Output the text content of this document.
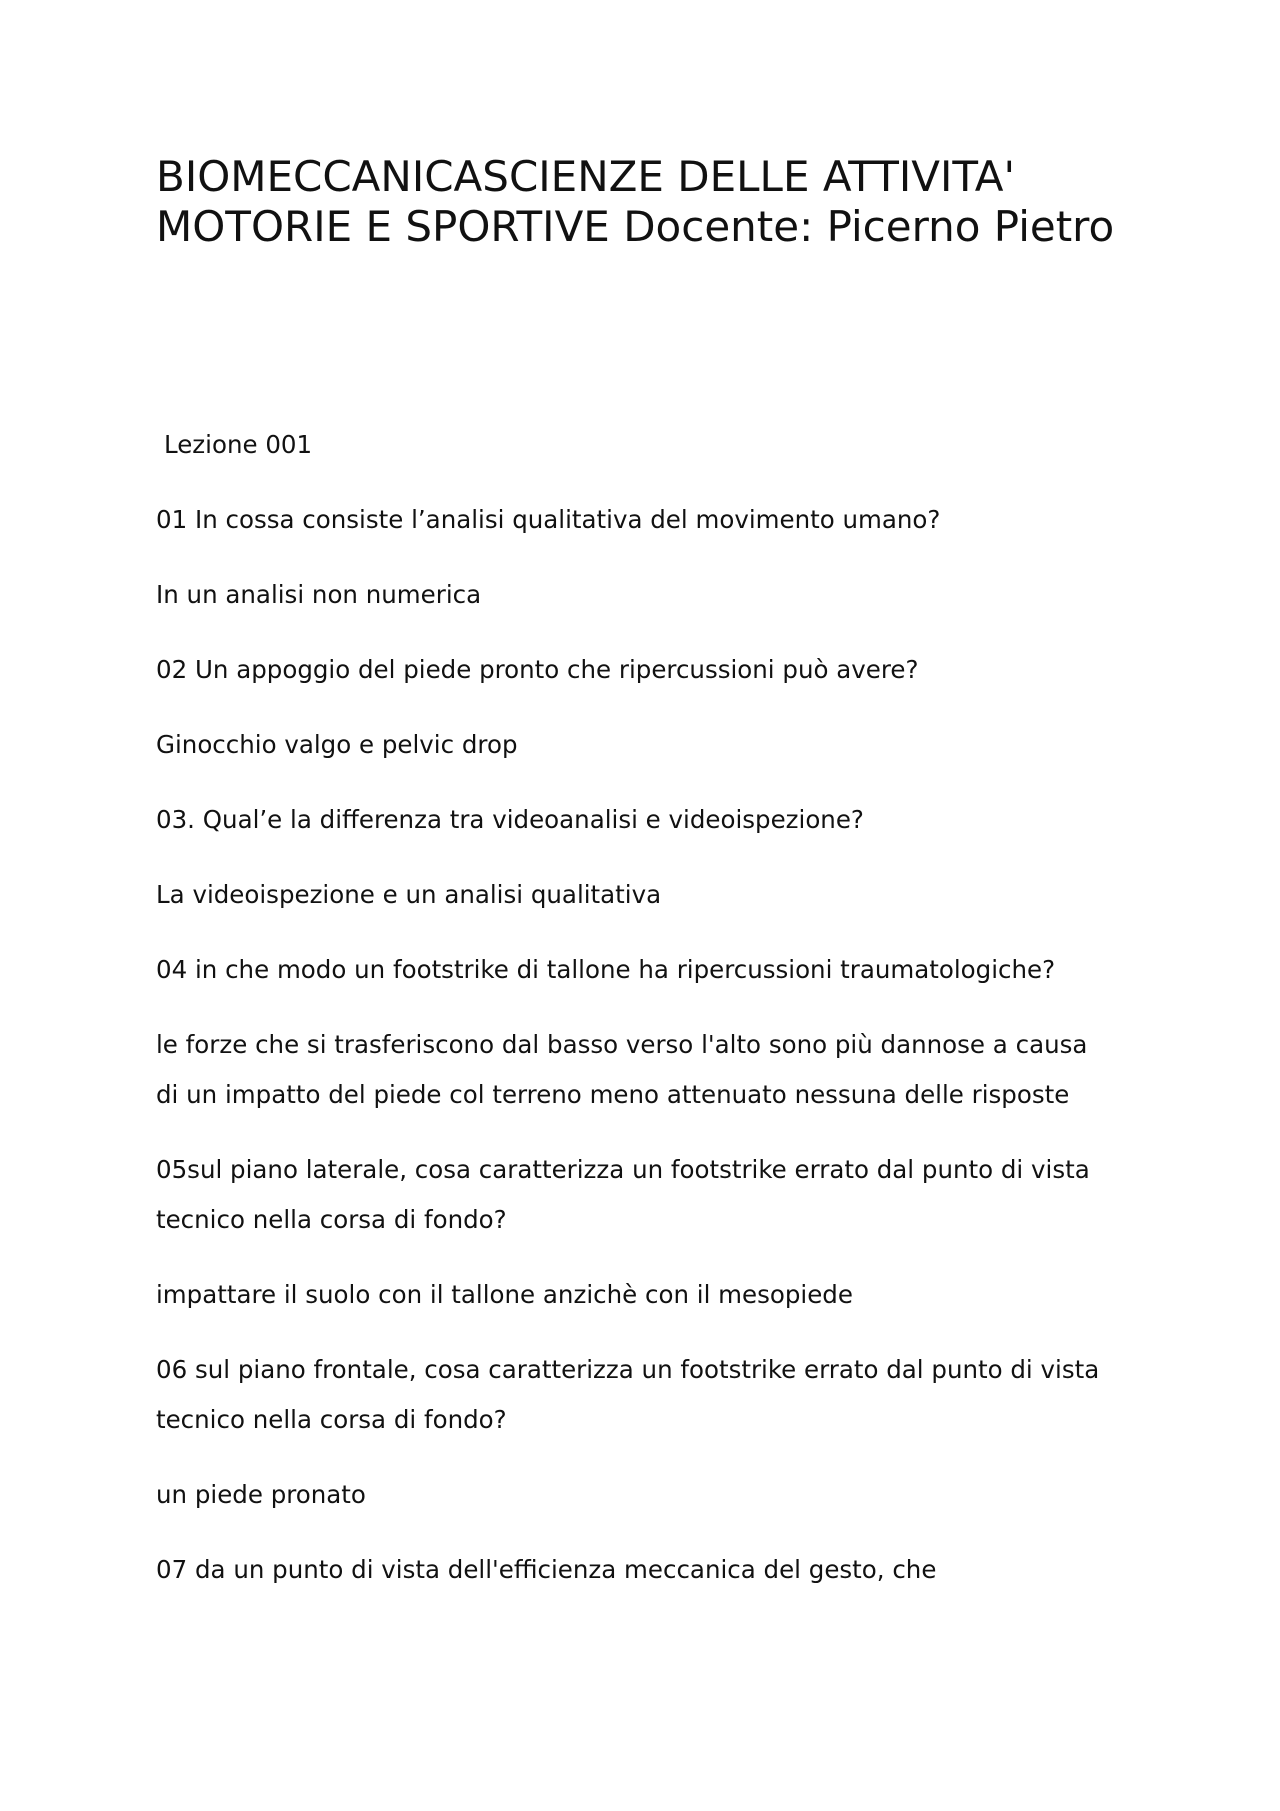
BIOMECCANICASCIENZE DELLE ATTIVITA' MOTORIE E SPORTIVE Docente: Picerno Pietro

Lezione 001

01 In cossa consiste l’analisi qualitativa del movimento umano?

In un analisi non numerica

02 Un appoggio del piede pronto che ripercussioni può avere?

Ginocchio valgo e pelvic drop

03. Qual’e la differenza tra videoanalisi e videoispezione?

La videoispezione e un analisi qualitativa

04 in che modo un footstrike di tallone ha ripercussioni traumatologiche?

le forze che si trasferiscono dal basso verso l'alto sono più dannose a causa di un impatto del piede col terreno meno attenuato nessuna delle risposte

05sul piano laterale, cosa caratterizza un footstrike errato dal punto di vista tecnico nella corsa di fondo?

impattare il suolo con il tallone anzichè con il mesopiede

06 sul piano frontale, cosa caratterizza un footstrike errato dal punto di vista tecnico nella corsa di fondo?

un piede pronato

07 da un punto di vista dell'efficienza meccanica del gesto, che
